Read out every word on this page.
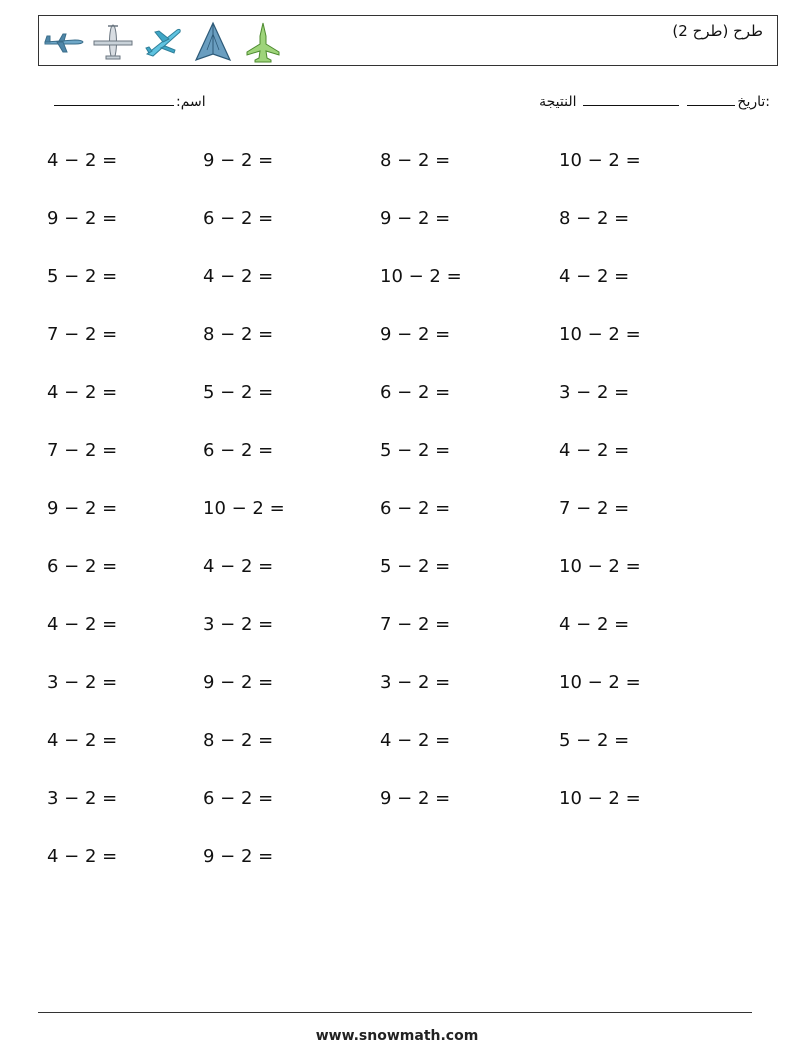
طرح (طرح 2)
:اسم	:تاريخ  النتيجة
4 − 2 =	9 − 2 =	8 − 2 =	10 − 2 =
9 − 2 =	6 − 2 =	9 − 2 =	8 − 2 =
5 − 2 =	4 − 2 =	10 − 2 =	4 − 2 =
7 − 2 =	8 − 2 =	9 − 2 =	10 − 2 =
4 − 2 =	5 − 2 =	6 − 2 =	3 − 2 =
7 − 2 =	6 − 2 =	5 − 2 =	4 − 2 =
9 − 2 =	10 − 2 =	6 − 2 =	7 − 2 =
6 − 2 =	4 − 2 =	5 − 2 =	10 − 2 =
4 − 2 =	3 − 2 =	7 − 2 =	4 − 2 =
3 − 2 =	9 − 2 =	3 − 2 =	10 − 2 =
4 − 2 =	8 − 2 =	4 − 2 =	5 − 2 =
3 − 2 =	6 − 2 =	9 − 2 =	10 − 2 =
4 − 2 =	9 − 2 =
www.snowmath.com
